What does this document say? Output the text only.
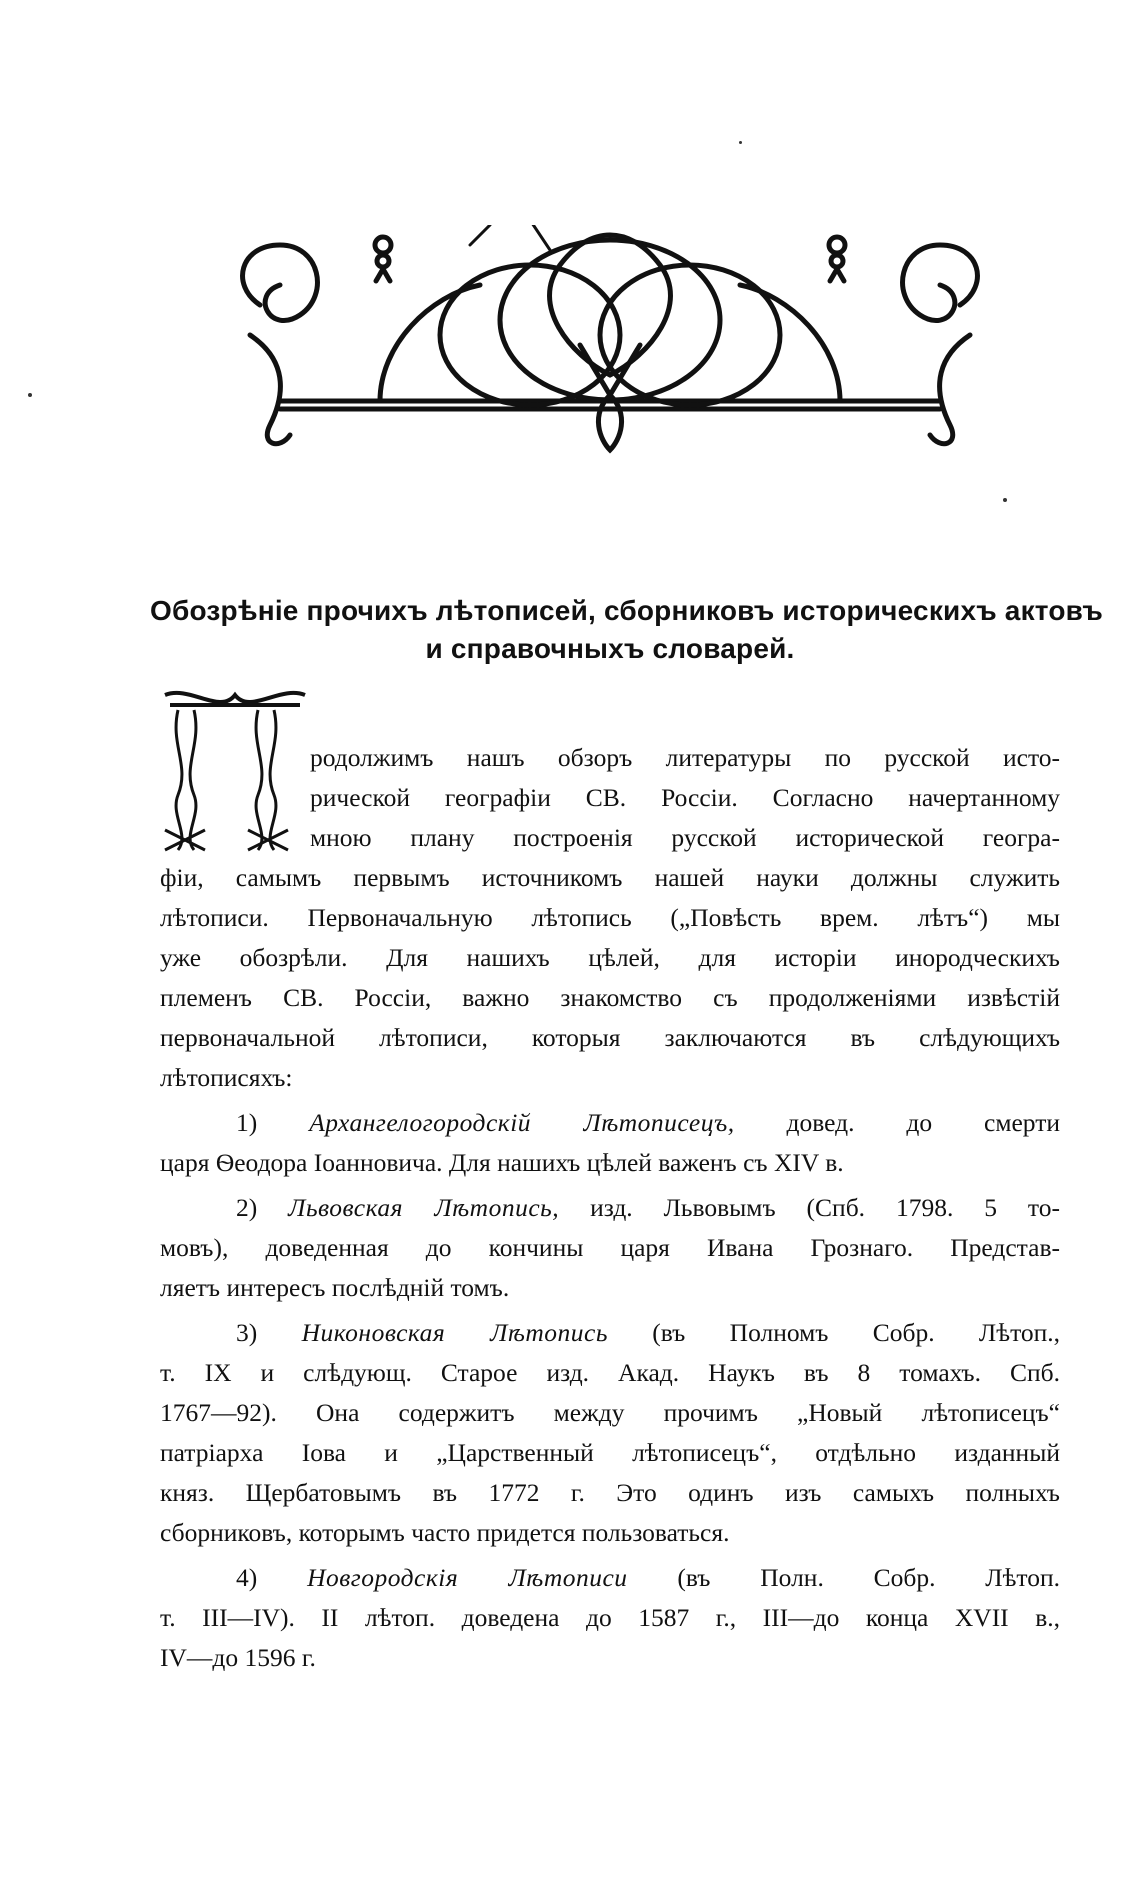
Обозрѣніе прочихъ лѣтописей, сборниковъ историческихъ актовъ
и справочныхъ словарей.
родолжимъ нашъ обзоръ литературы по русской исто-
рической географіи СВ. Россіи. Согласно начертанному
мною плану построенія русской исторической геогра-
фіи, самымъ первымъ источникомъ нашей науки должны служить
лѣтописи. Первоначальную лѣтопись („Повѣсть врем. лѣтъ“) мы
уже обозрѣли. Для нашихъ цѣлей, для исторіи инородческихъ
племенъ СВ. Россіи, важно знакомство съ продолженіями извѣстій
первоначальной лѣтописи, которыя заключаются въ слѣдующихъ
лѣтописяхъ:
1) Архангелогородскій Лѣтописецъ, довед. до смерти
царя Ѳеодора Іоанновича. Для нашихъ цѣлей важенъ съ XIV в.
2) Львовская Лѣтопись, изд. Львовымъ (Спб. 1798. 5 то-
мовъ), доведенная до кончины царя Ивана Грознаго. Представ-
ляетъ интересъ послѣдній томъ.
3) Никоновская Лѣтопись (въ Полномъ Собр. Лѣтоп.,
т. IX и слѣдующ. Старое изд. Акад. Наукъ въ 8 томахъ. Спб.
1767—92). Она содержитъ между прочимъ „Новый лѣтописецъ“
патріарха Іова и „Царственный лѣтописецъ“, отдѣльно изданный
княз. Щербатовымъ въ 1772 г. Это одинъ изъ самыхъ полныхъ
сборниковъ, которымъ часто придется пользоваться.
4) Новгородскія Лѣтописи (въ Полн. Собр. Лѣтоп.
т. III—IV). II лѣтоп. доведена до 1587 г., III—до конца XVII в.,
IV—до 1596 г.
